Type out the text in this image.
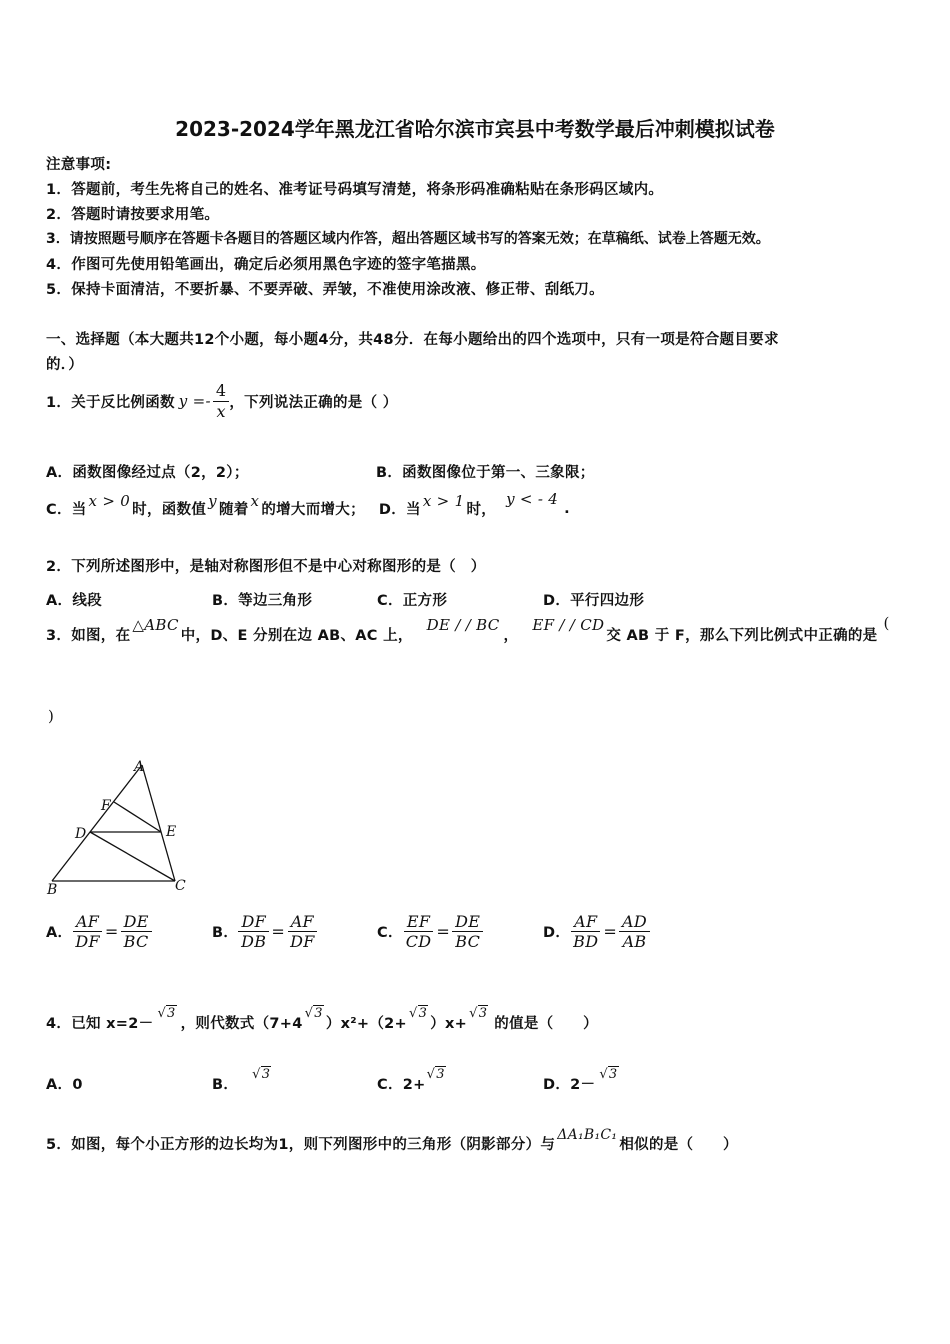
2023-2024学年黑龙江省哈尔滨市宾县中考数学最后冲刺模拟试卷
注意事项:
1．答题前，考生先将自己的姓名、准考证号码填写清楚，将条形码准确粘贴在条形码区域内。
2．答题时请按要求用笔。
3．请按照题号顺序在答题卡各题目的答题区域内作答，超出答题区域书写的答案无效；在草稿纸、试卷上答题无效。
4．作图可先使用铅笔画出，确定后必须用黑色字迹的签字笔描黑。
5．保持卡面清洁，不要折暴、不要弄破、弄皱，不准使用涂改液、修正带、刮纸刀。
一、选择题（本大题共12个小题，每小题4分，共48分．在每小题给出的四个选项中，只有一项是符合题目要求
的．）
1．关于反比例函数 $y =- \frac{4}{x}$ ，下列说法正确的是（ ）
A．函数图像经过点（2，2）；	B．函数图像位于第一、三象限；
C．当
x > 0
时，函数值
y
随着
x
的增大而增大； D．当
x > 1
时，
y < - 4
.
2．下列所述图形中，是轴对称图形但不是中心对称图形的是（　）
A．线段	B．等边三角形	C．正方形	D．平行四边形
3．如图，在
△ABC
中，D、E 分别在边 AB、AC 上，
DE / / BC
，
EF / / CD
交 AB 于 F，那么下列比例式中正确的是
(
)
A
F
D	E
B	C
A． $\frac{AF}{DF} = \frac{DE}{BC}$	B． $\frac{DF}{DB} = \frac{AF}{DF}$	C． $\frac{EF}{CD} = \frac{DE}{BC}$	D． $\frac{AF}{BD} = \frac{AD}{AB}$
4．已知 x=2－
√3
，则代数式（7+4
√3
）x²+（2+
√3
）x+
√3
的值是（　　）
A．0	B．
√3
C．2+
√3
D．2－
√3
5．如图，每个小正方形的边长均为1，则下列图形中的三角形（阴影部分）与
ΔA₁B₁C₁
相似的是（　　）
